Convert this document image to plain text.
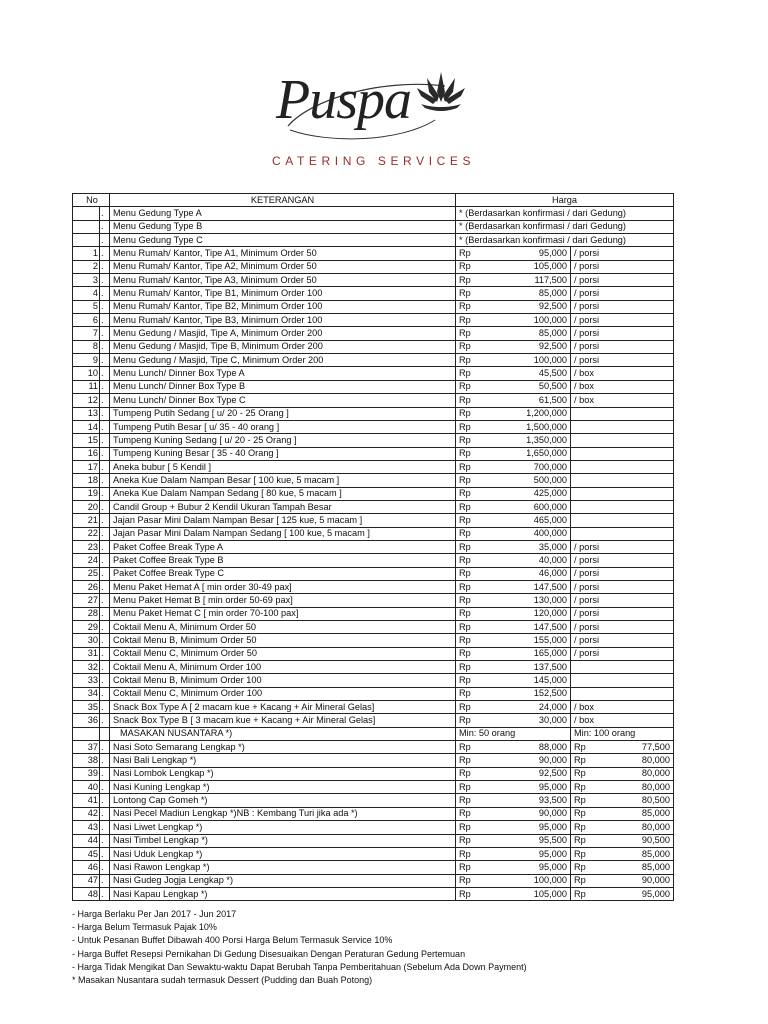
Puspa
CATERING SERVICES
No		KETERANGAN	Harga		
	.	Menu Gedung Type A	* (Berdasarkan konfirmasi / dari Gedung)		
	.	Menu Gedung Type B	* (Berdasarkan konfirmasi / dari Gedung)		
	.	Menu Gedung Type C	* (Berdasarkan konfirmasi / dari Gedung)		
1	.	Menu Rumah/ Kantor, Tipe A1, Minimum Order 50	Rp	95,000	/ porsi
2	.	Menu Rumah/ Kantor, Tipe A2, Minimum Order 50	Rp	105,000	/ porsi
3	.	Menu Rumah/ Kantor, Tipe A3, Minimum Order 50	Rp	117,500	/ porsi
4	.	Menu Rumah/ Kantor, Tipe B1, Minimum Order 100	Rp	85,000	/ porsi
5	.	Menu Rumah/ Kantor, Tipe B2, Minimum Order 100	Rp	92,500	/ porsi
6	.	Menu Rumah/ Kantor, Tipe B3, Minimum Order 100	Rp	100,000	/ porsi
7	.	Menu Gedung / Masjid, Tipe A, Minimum Order 200	Rp	85,000	/ porsi
8	.	Menu Gedung / Masjid, Tipe B, Minimum Order 200	Rp	92,500	/ porsi
9	.	Menu Gedung / Masjid, Tipe C, Minimum Order 200	Rp	100,000	/ porsi
10	.	Menu Lunch/ Dinner Box Type A	Rp	45,500	/ box
11	.	Menu Lunch/ Dinner Box Type B	Rp	50,500	/ box
12	.	Menu Lunch/ Dinner Box Type C	Rp	61,500	/ box
13	.	Tumpeng Putih Sedang [ u/ 20 - 25 Orang ]	Rp	1,200,000	
14	.	Tumpeng Putih Besar [ u/ 35 - 40 orang ]	Rp	1,500,000	
15	.	Tumpeng Kuning Sedang [ u/ 20 - 25 Orang ]	Rp	1,350,000	
16	.	Tumpeng Kuning Besar [ 35 - 40 Orang ]	Rp	1,650,000	
17	.	Aneka bubur [ 5 Kendil ]	Rp	700,000	
18	.	Aneka Kue Dalam Nampan Besar [ 100 kue, 5 macam ]	Rp	500,000	
19	.	Aneka Kue Dalam Nampan Sedang [ 80 kue, 5 macam ]	Rp	425,000	
20	.	Candil Group + Bubur 2 Kendil Ukuran Tampah Besar	Rp	600,000	
21	.	Jajan Pasar Mini Dalam Nampan Besar [ 125 kue, 5 macam ]	Rp	465,000	
22	.	Jajan Pasar Mini Dalam Nampan Sedang [ 100 kue, 5 macam ]	Rp	400,000	
23	.	Paket Coffee Break Type A	Rp	35,000	/ porsi
24	.	Paket Coffee Break Type B	Rp	40,000	/ porsi
25	.	Paket Coffee Break Type C	Rp	46,000	/ porsi
26	.	Menu Paket Hemat A [ min order 30-49 pax]	Rp	147,500	/ porsi
27	.	Menu Paket Hemat B [ min order 50-69 pax]	Rp	130,000	/ porsi
28	.	Menu Paket Hemat C [ min order 70-100 pax]	Rp	120,000	/ porsi
29	.	Coktail Menu A, Minimum Order 50	Rp	147,500	/ porsi
30	.	Coktail Menu B, Minimum Order 50	Rp	155,000	/ porsi
31	.	Coktail Menu C, Minimum Order 50	Rp	165,000	/ porsi
32	.	Coktail Menu A, Minimum Order 100	Rp	137,500	
33	.	Coktail Menu B, Minimum Order 100	Rp	145,000	
34	.	Coktail Menu C, Minimum Order 100	Rp	152,500	
35	.	Snack Box Type A [ 2 macam kue + Kacang + Air Mineral Gelas]	Rp	24,000	/ box
36	.	Snack Box Type B [ 3 macam kue + Kacang + Air Mineral Gelas]	Rp	30,000	/ box
		MASAKAN NUSANTARA *)	Min: 50 orang		Min: 100 orang
37	.	Nasi Soto Semarang Lengkap *)	Rp	88,000	Rp 77,500

38	.	Nasi Bali Lengkap *)	Rp	90,000	Rp 80,000

39	.	Nasi Lombok Lengkap *)	Rp	92,500	Rp 80,000

40	.	Nasi Kuning Lengkap *)	Rp	95,000	Rp 80,000

41	.	Lontong Cap Gomeh *)	Rp	93,500	Rp 80,500

42	.	Nasi Pecel Madiun Lengkap *)NB : Kembang Turi jika ada *)	Rp	90,000	Rp 85,000

43	.	Nasi Liwet Lengkap *)	Rp	95,000	Rp 80,000

44	.	Nasi Timbel Lengkap *)	Rp	95,500	Rp 90,500

45	.	Nasi Uduk Lengkap *)	Rp	95,000	Rp 85,000

46	.	Nasi Rawon Lengkap *)	Rp	95,000	Rp 85,000

47	.	Nasi Gudeg Jogja Lengkap *)	Rp	100,000	Rp 90,000

48	.	Nasi Kapau Lengkap *)	Rp	105,000	Rp 95,000
- Harga Berlaku Per Jan 2017 - Jun 2017
- Harga Belum Termasuk Pajak 10%
- Untuk Pesanan Buffet Dibawah 400 Porsi Harga Belum Termasuk Service 10%
- Harga Buffet Resepsi Pernikahan Di Gedung Disesuaikan Dengan Peraturan Gedung Pertemuan
- Harga Tidak Mengikat Dan Sewaktu-waktu Dapat Berubah Tanpa Pemberitahuan (Sebelum Ada Down Payment)
* Masakan Nusantara sudah termasuk Dessert (Pudding dan Buah Potong)
